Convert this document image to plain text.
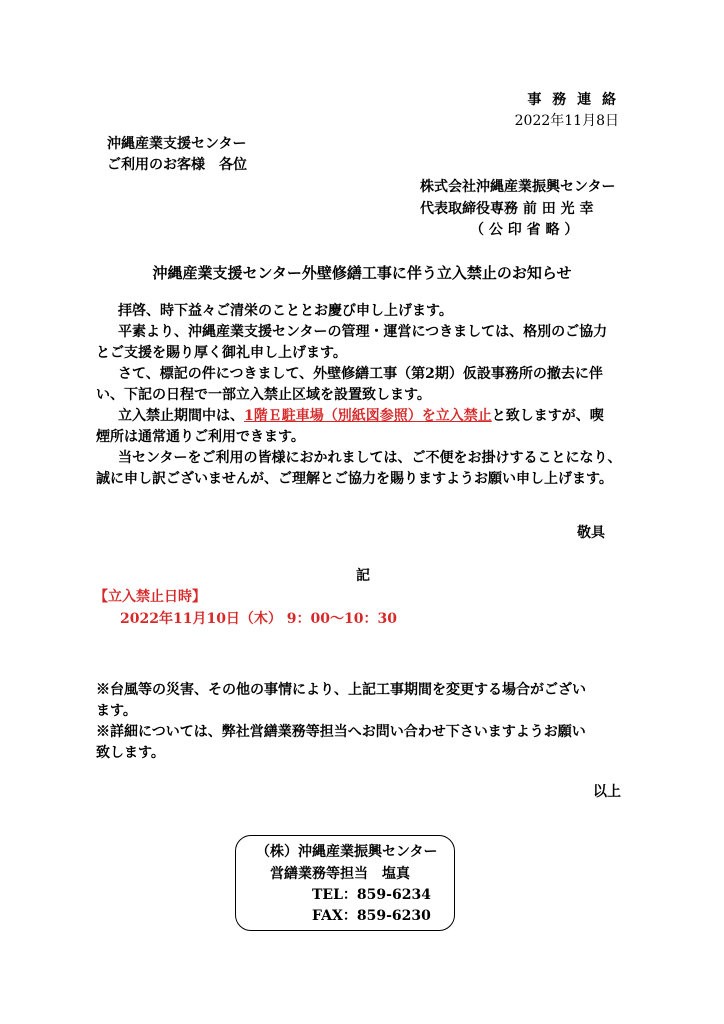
事 務 連 絡
2022年11月8日
沖縄産業支援センター
ご利用のお客様　各位
株式会社沖縄産業振興センター
代表取締役専務 前 田 光 幸
（ 公 印 省 略 ）
沖縄産業支援センター外壁修繕工事に伴う立入禁止のお知らせ

拝啓、時下益々ご清栄のこととお慶び申し上げます。

平素より、沖縄産業支援センターの管理・運営につきましては、格別のご協力

とご支援を賜り厚く御礼申し上げます。

さて、標記の件につきまして、外壁修繕工事（第2期）仮設事務所の撤去に伴

い、下記の日程で一部立入禁止区域を設置致します。

立入禁止期間中は、1階Ｅ駐車場（別紙図参照）を立入禁止と致しますが、喫

煙所は通常通りご利用できます。

当センターをご利用の皆様におかれましては、ご不便をお掛けすることになり、

誠に申し訳ございませんが、ご理解とご協力を賜りますようお願い申し上げます。

敬具
記
【立入禁止日時】
2022年11月10日（木） 9：00～10：30

※台風等の災害、その他の事情により、上記工事期間を変更する場合がござい

ます。

※詳細については、弊社営繕業務等担当へお問い合わせ下さいますようお願い

致します。

以上
（株）沖縄産業振興センター
営繕業務等担当　塩真
TEL：859‐6234
FAX：859‐6230
